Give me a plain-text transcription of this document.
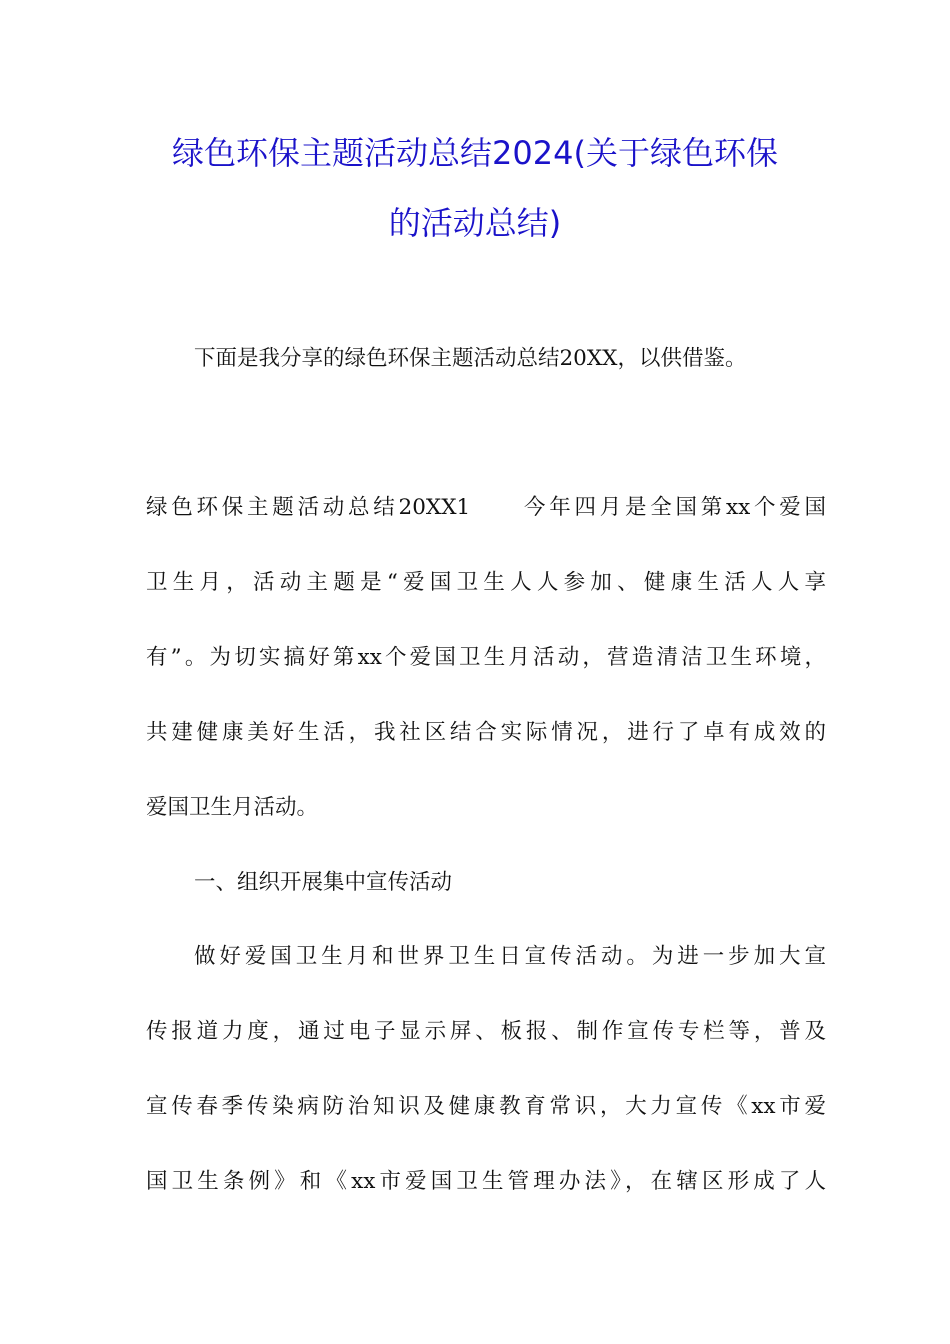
绿色环保主题活动总结2024(关于绿色环保
的活动总结)

下面是我分享的绿色环保主题活动总结20XX，以供借鉴。

绿色环保主题活动总结20XX1 今年四月是全国第xx个爱国

卫生月，活动主题是“爱国卫生人人参加、健康生活人人享

有”。为切实搞好第xx个爱国卫生月活动，营造清洁卫生环境，

共建健康美好生活，我社区结合实际情况，进行了卓有成效的

爱国卫生月活动。

一、组织开展集中宣传活动

做好爱国卫生月和世界卫生日宣传活动。为进一步加大宣

传报道力度，通过电子显示屏、板报、制作宣传专栏等，普及

宣传春季传染病防治知识及健康教育常识，大力宣传《xx市爱

国卫生条例》和《xx市爱国卫生管理办法》，在辖区形成了人
